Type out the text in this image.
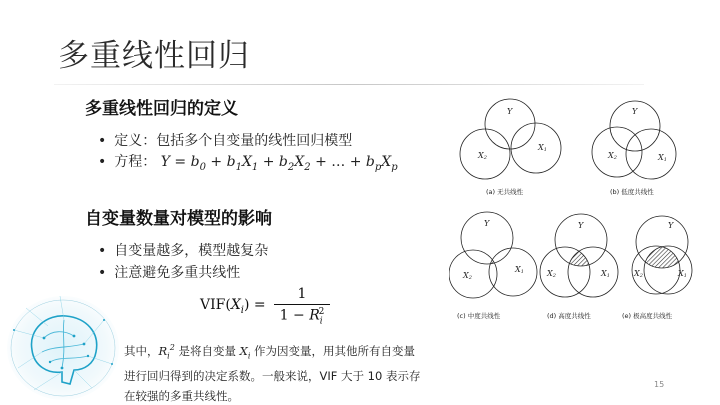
多重线性回归
多重线性回归的定义
• 定义：包括多个自变量的线性回归模型
• 方程： $Y = b_0 + b_1X_1 + b_2X_2$ + … + $b_pX_p$
自变量数量对模型的影响
• 自变量越多，模型越复杂
• 注意避免多重共线性
$VIF(X_i) = \frac{1}{1 - R_i^2}$
其中，$R_i^2$ 是将自变量 $X_i$ 作为因变量，用其他所有自变量进行回归得到的决定系数。一般来说，VIF 大于 10 表示存在较强的多重共线性。
Y
X2
X1
(a) 无共线性
Y
X2	X1
(b) 低度共线性
Y
X2
X1
(c) 中度共线性
Y
X2	X1
(d) 高度共线性
Y
X2	X1
(e) 极高度共线性
15
